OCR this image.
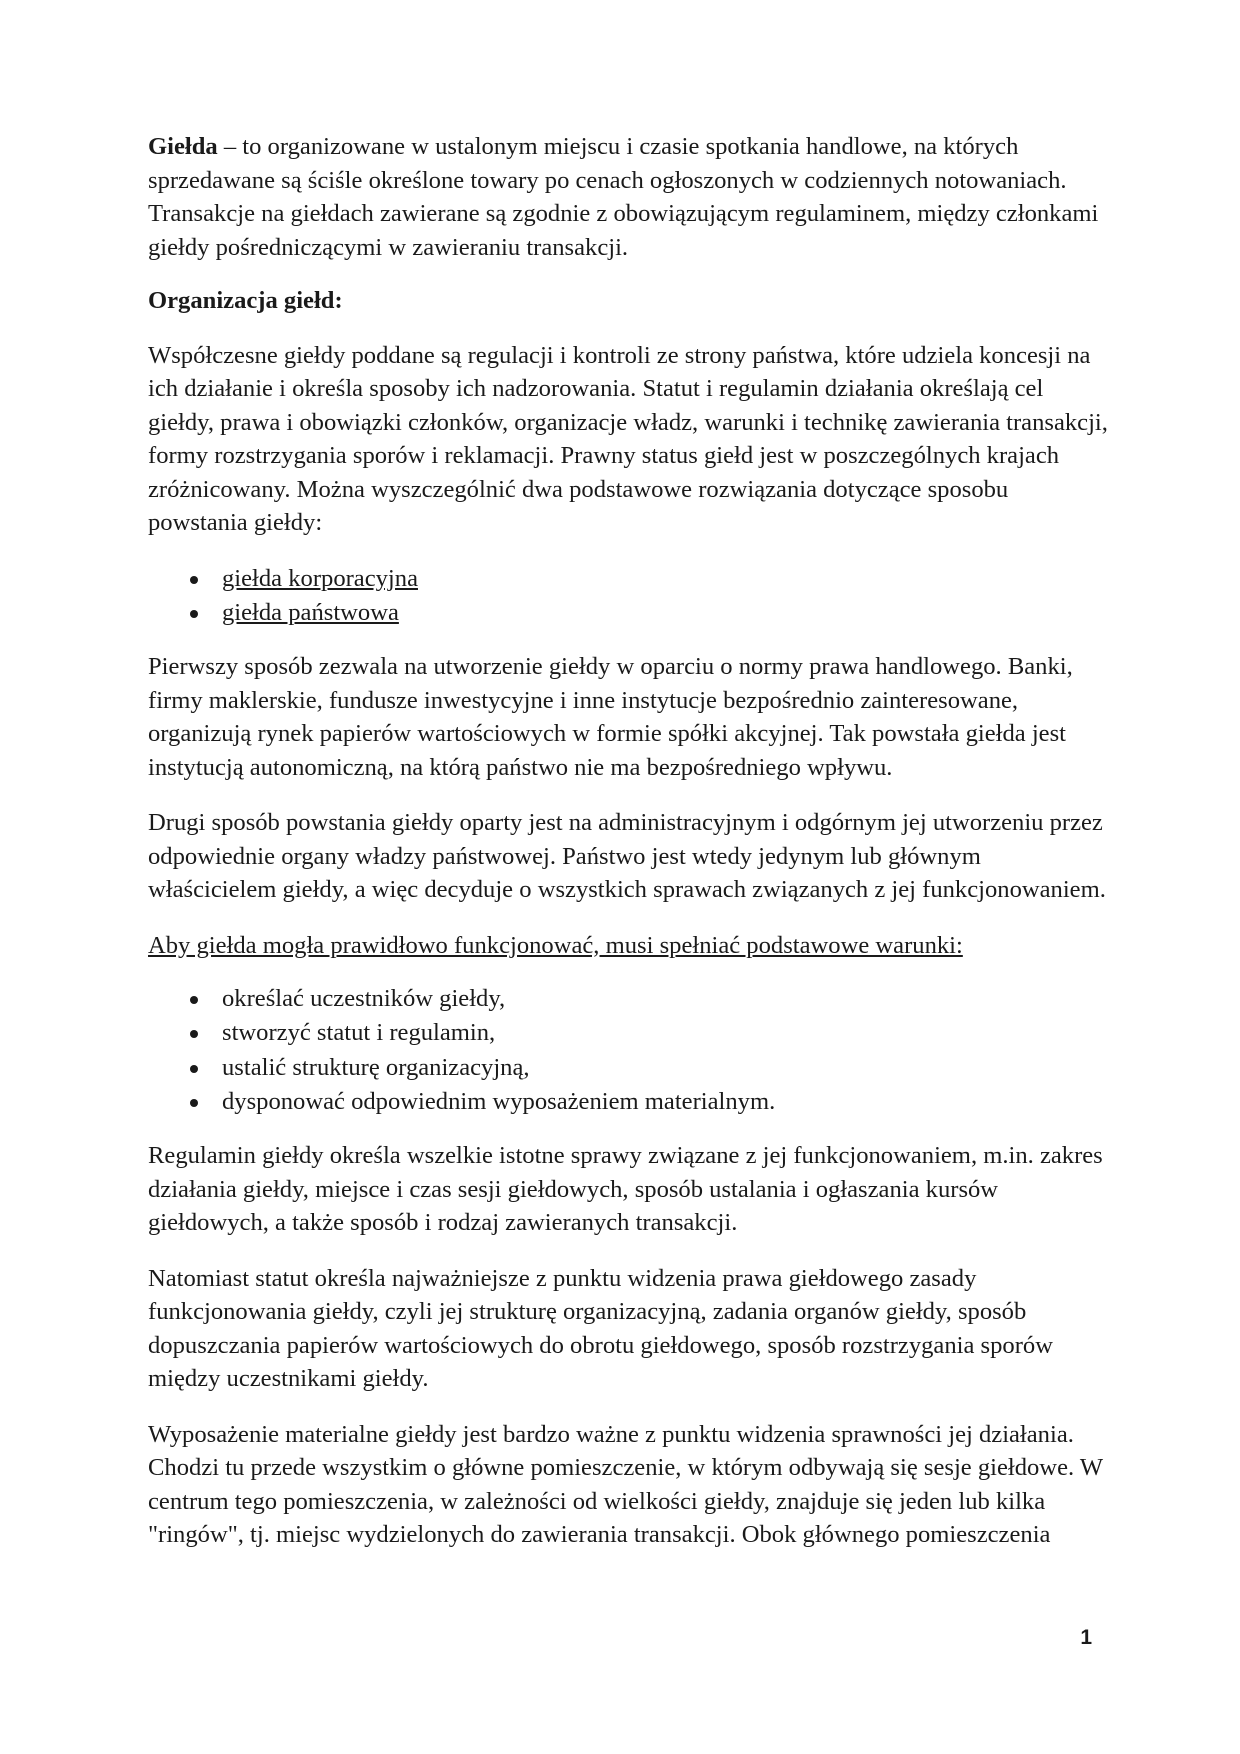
Giełda – to organizowane w ustalonym miejscu i czasie spotkania handlowe, na których sprzedawane są ściśle określone towary po cenach ogłoszonych w codziennych notowaniach. Transakcje na giełdach zawierane są zgodnie z obowiązującym regulaminem, między członkami giełdy pośredniczącymi w zawieraniu transakcji.

Organizacja giełd:

Współczesne giełdy poddane są regulacji i kontroli ze strony państwa, które udziela koncesji na ich działanie i określa sposoby ich nadzorowania. Statut i regulamin działania określają cel giełdy, prawa i obowiązki członków, organizacje władz, warunki i technikę zawierania transakcji, formy rozstrzygania sporów i reklamacji. Prawny status giełd jest w poszczególnych krajach zróżnicowany. Można wyszczególnić dwa podstawowe rozwiązania dotyczące sposobu powstania giełdy:

giełda korporacyjna
giełda państwowa

Pierwszy sposób zezwala na utworzenie giełdy w oparciu o normy prawa handlowego. Banki, firmy maklerskie, fundusze inwestycyjne i inne instytucje bezpośrednio zainteresowane, organizują rynek papierów wartościowych w formie spółki akcyjnej. Tak powstała giełda jest instytucją autonomiczną, na którą państwo nie ma bezpośredniego wpływu.

Drugi sposób powstania giełdy oparty jest na administracyjnym i odgórnym jej utworzeniu przez odpowiednie organy władzy państwowej. Państwo jest wtedy jedynym lub głównym właścicielem giełdy, a więc decyduje o wszystkich sprawach związanych z jej funkcjonowaniem.

Aby giełda mogła prawidłowo funkcjonować, musi spełniać podstawowe warunki:

określać uczestników giełdy,
stworzyć statut i regulamin,
ustalić strukturę organizacyjną,
dysponować odpowiednim wyposażeniem materialnym.

Regulamin giełdy określa wszelkie istotne sprawy związane z jej funkcjonowaniem, m.in. zakres działania giełdy, miejsce i czas sesji giełdowych, sposób ustalania i ogłaszania kursów giełdowych, a także sposób i rodzaj zawieranych transakcji.

Natomiast statut określa najważniejsze z punktu widzenia prawa giełdowego zasady funkcjonowania giełdy, czyli jej strukturę organizacyjną, zadania organów giełdy, sposób dopuszczania papierów wartościowych do obrotu giełdowego, sposób rozstrzygania sporów między uczestnikami giełdy.

Wyposażenie materialne giełdy jest bardzo ważne z punktu widzenia sprawności jej działania. Chodzi tu przede wszystkim o główne pomieszczenie, w którym odbywają się sesje giełdowe. W centrum tego pomieszczenia, w zależności od wielkości giełdy, znajduje się jeden lub kilka "ringów", tj. miejsc wydzielonych do zawierania transakcji. Obok głównego pomieszczenia

1
